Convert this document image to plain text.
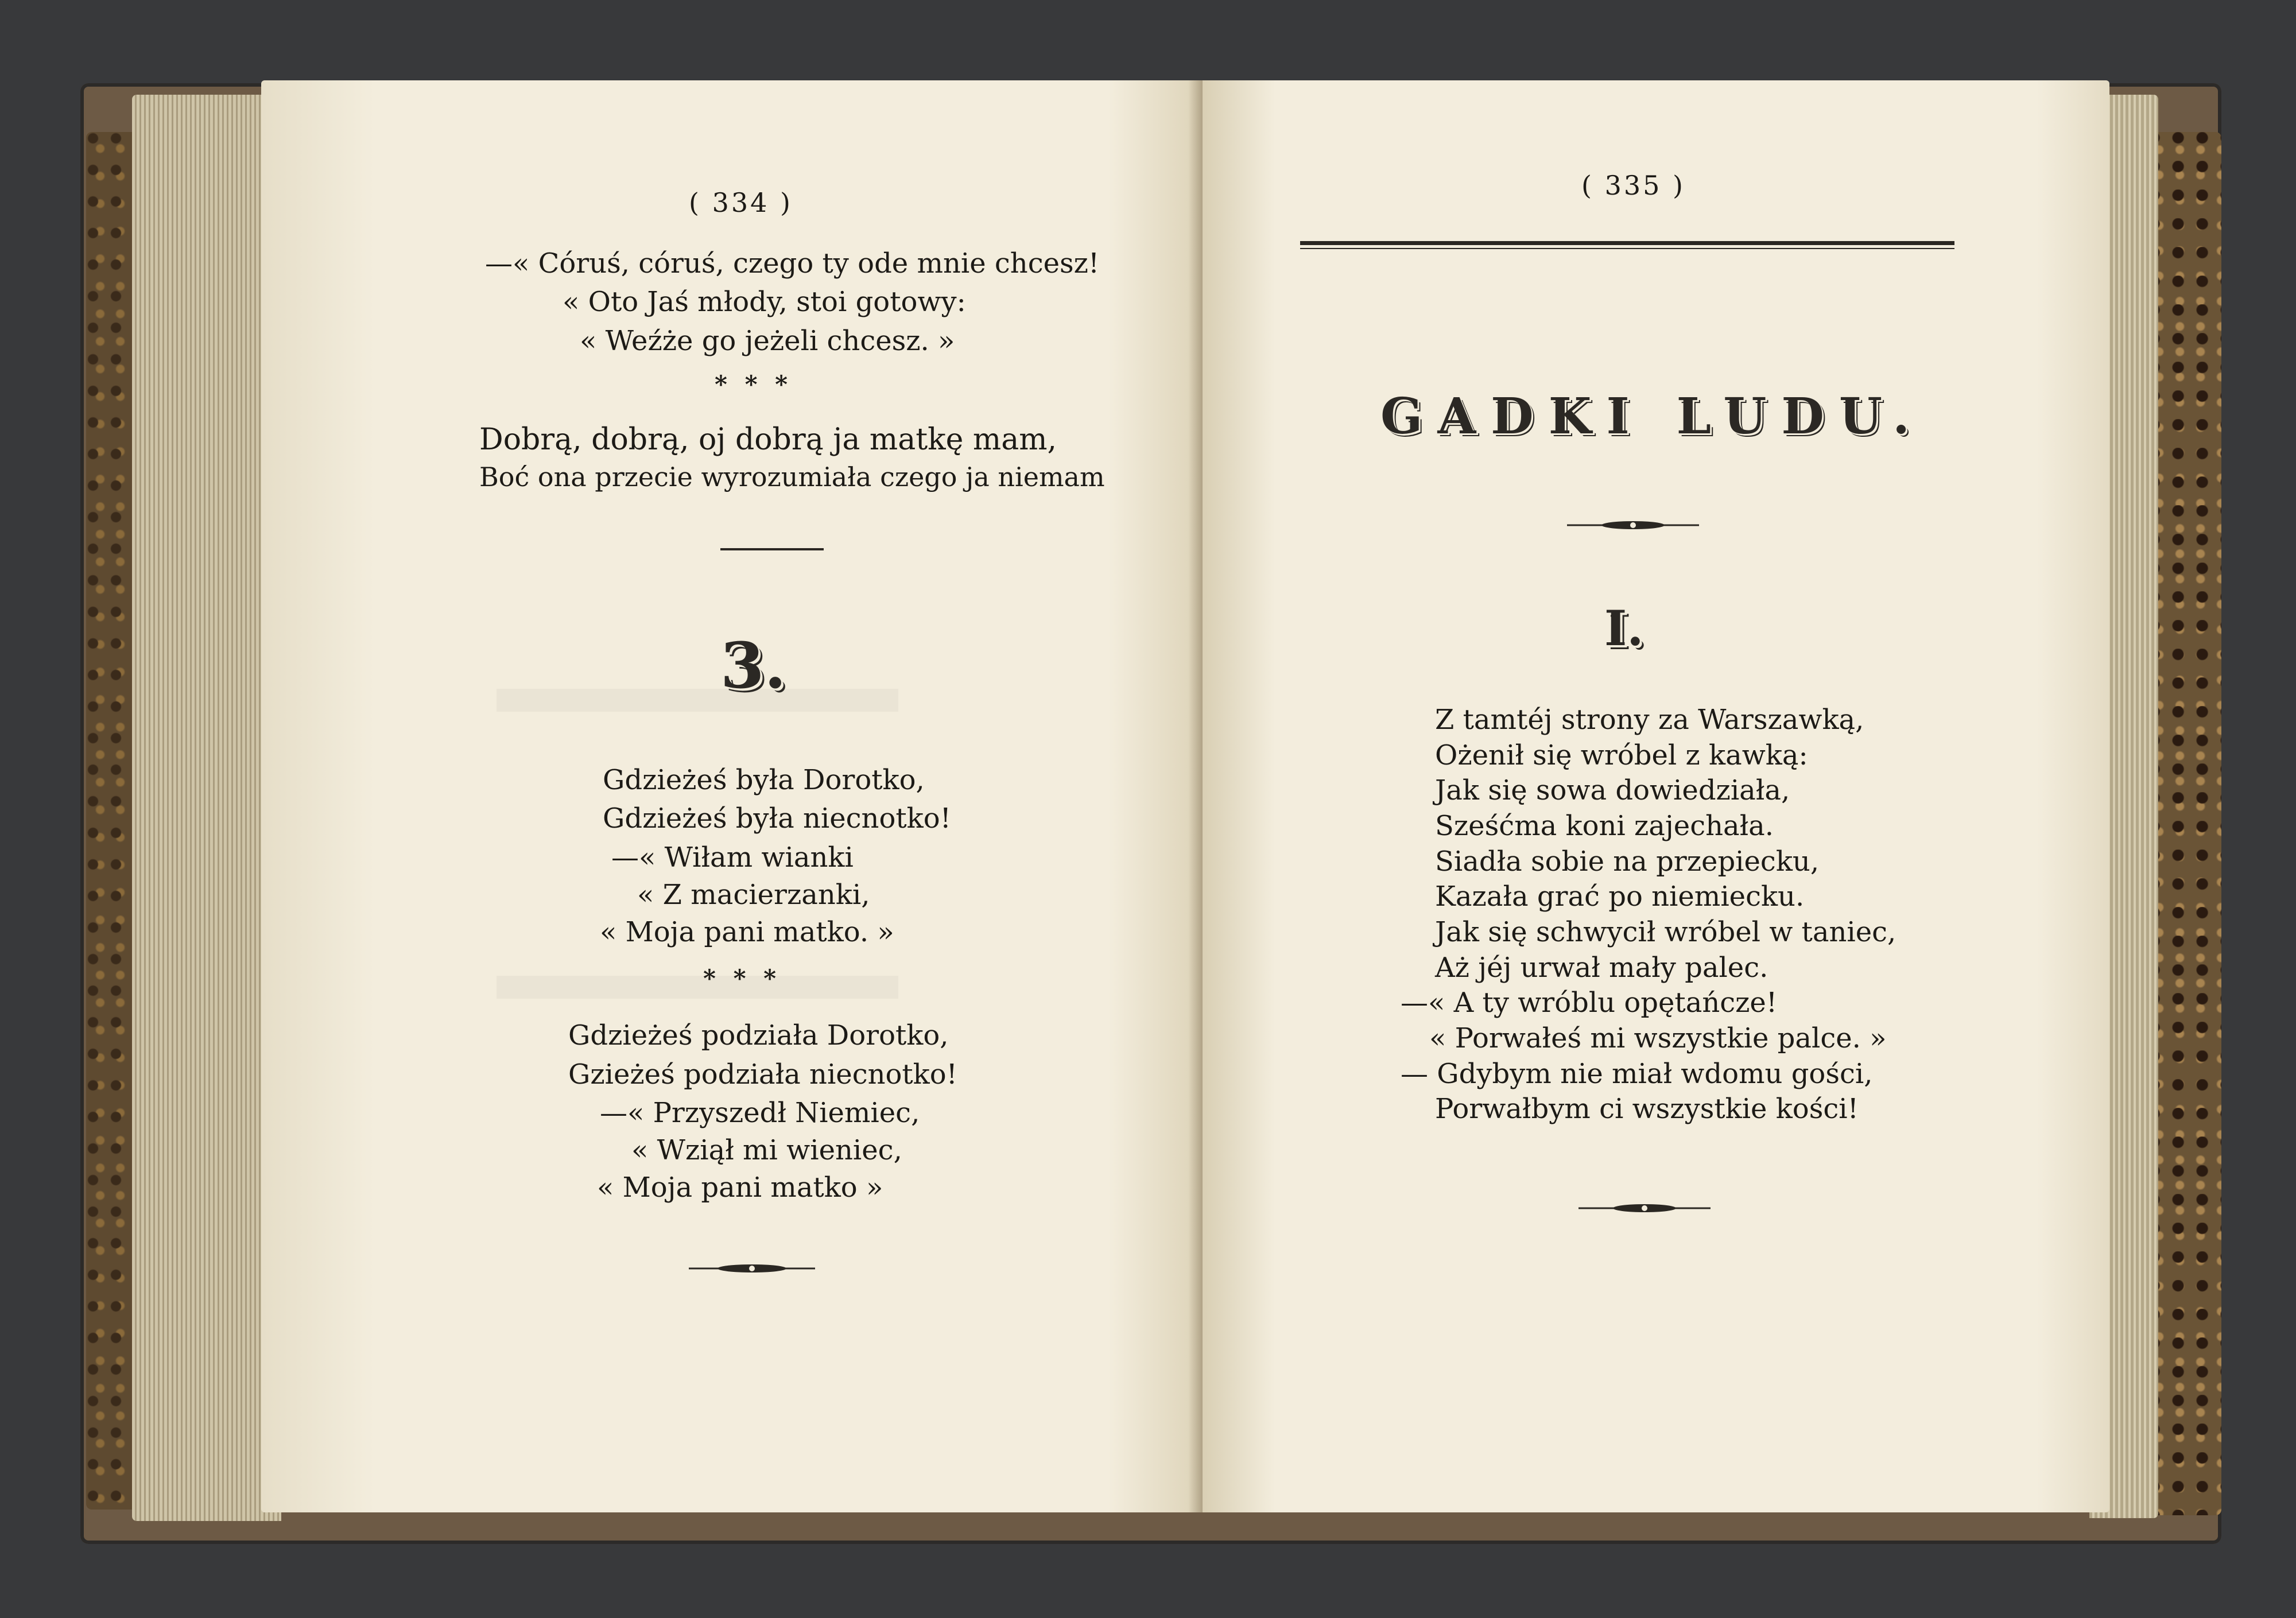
( 334 )
—« Córuś, córuś, czego ty ode mnie chcesz!
« Oto Jaś młody, stoi gotowy:
« Weźże go jeżeli chcesz. »
* * *
Dobrą, dobrą, oj dobrą ja matkę mam,
Boć ona przecie wyrozumiała czego ja niemam
3.
Gdzieżeś była Dorotko,
Gdzieżeś była niecnotko!
—« Wiłam wianki
« Z macierzanki,
« Moja pani matko. »
* * *
Gdzieżeś podziała Dorotko,
Gzieżeś podziała niecnotko!
—« Przyszedł Niemiec,
« Wziął mi wieniec,
« Moja pani matko »
( 335 )
GADKI LUDU.
I.
Z tamtéj strony za Warszawką,
Ożenił się wróbel z kawką:
Jak się sowa dowiedziała,
Sześćma koni zajechała.
Siadła sobie na przepiecku,
Kazała grać po niemiecku.
Jak się schwycił wróbel w taniec,
Aż jéj urwał mały palec.
—« A ty wróblu opętańcze!
« Porwałeś mi wszystkie palce. »
— Gdybym nie miał wdomu gości,
Porwałbym ci wszystkie kości!
